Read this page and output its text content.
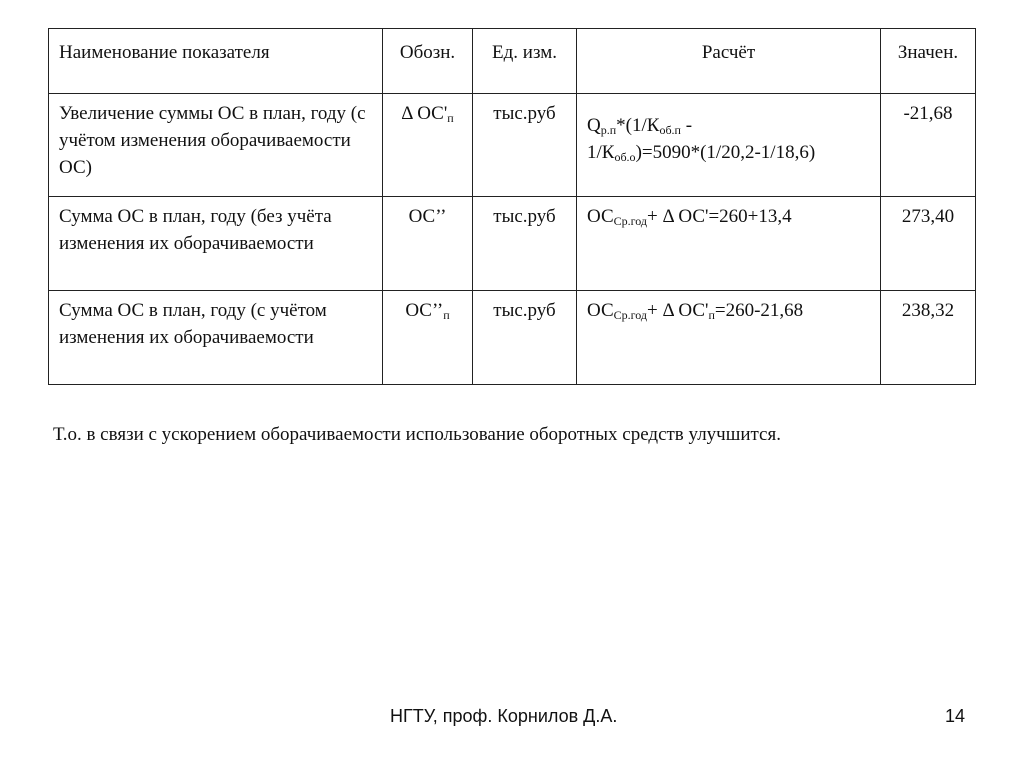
Наименование показателя	Обозн.	Ед. изм.	Расчёт	Значен.
Увеличение суммы ОС в план, году (с учётом изменения оборачиваемости ОС)	Δ $ОС'_п$	тыс.руб	$Q_{р.п}*(1/К_{об.п}$ -
$1/К_{об.о})=5090*(1/20,2-1/18,6)$	-21,68
Сумма ОС в план, году (без учёта изменения их оборачиваемости	ОС’’	тыс.руб	$ОС_{Ср.год}+ \Delta$ ОС'=260+13,4	273,40
Сумма ОС в план, году (с учётом изменения их оборачиваемости	$ОС’’_п$	тыс.руб	$ОС_{Ср.год}+ \Delta$ $ОС'_п=260-21,68$	238,32
Т.о. в связи с ускорением оборачиваемости использование оборотных средств улучшится.
НГТУ, проф. Корнилов Д.А.	14
